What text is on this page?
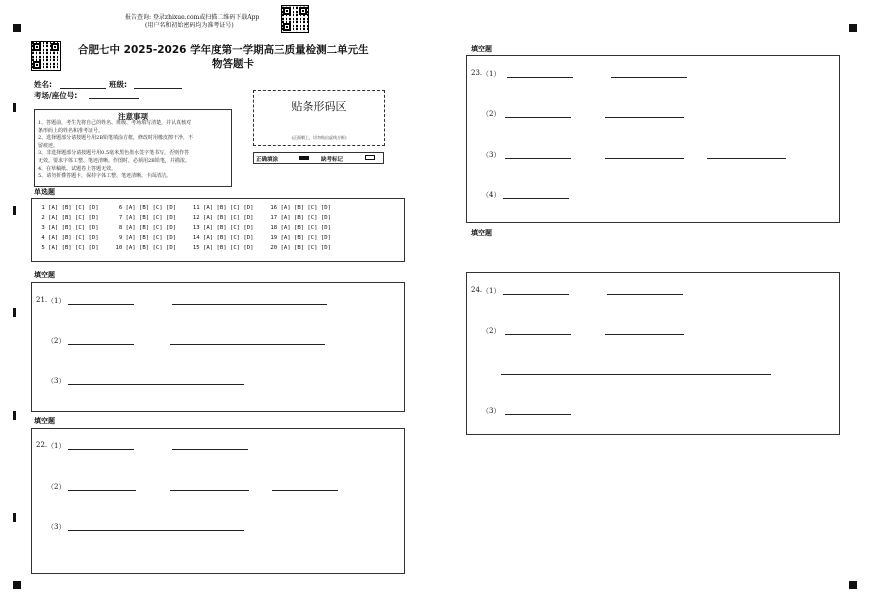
报告查询: 登录zhixue.com或扫描二维码下载App
(用户名和初始密码均为准考证号)
合肥七中 2025-2026 学年度第一学期高三质量检测二单元生
物答题卡
姓名:	班级:
考场/座位号:
注意事项
1、答题前，考生先将自己的姓名、班级、考场填写清楚，并认真核对
条形码上的姓名和准考证号。
2、选择题部分请按题号用2B铅笔填涂方框，修改时用橡皮擦干净，不
留痕迹。
3、非选择题部分请按题号用0.5毫米黑色墨水签字笔书写，否则作答
无效。要求字体工整、笔迹清晰。作图时，必须用2B铅笔，并描浓。
4、在草稿纸、试题卷上答题无效。
5、请勿折叠答题卡，保持字体工整、笔迹清晰、卡面清洁。
贴条形码区
(正面朝上，切勿贴出虚线方框)
正确填涂	缺考标记
单选题
1 [A] [B] [C] [D]      6 [A] [B] [C] [D]     11 [A] [B] [C] [D]     16 [A] [B] [C] [D]
2 [A] [B] [C] [D]      7 [A] [B] [C] [D]     12 [A] [B] [C] [D]     17 [A] [B] [C] [D]
3 [A] [B] [C] [D]      8 [A] [B] [C] [D]     13 [A] [B] [C] [D]     18 [A] [B] [C] [D]
4 [A] [B] [C] [D]      9 [A] [B] [C] [D]     14 [A] [B] [C] [D]     19 [A] [B] [C] [D]
5 [A] [B] [C] [D]     10 [A] [B] [C] [D]     15 [A] [B] [C] [D]     20 [A] [B] [C] [D]
填空题
21. （1）
（2）
（3）
填空题
22. （1）
（2）
（3）
填空题
23. （1）
（2）
（3）
（4）
填空题
24. （1）
（2）
（3）
